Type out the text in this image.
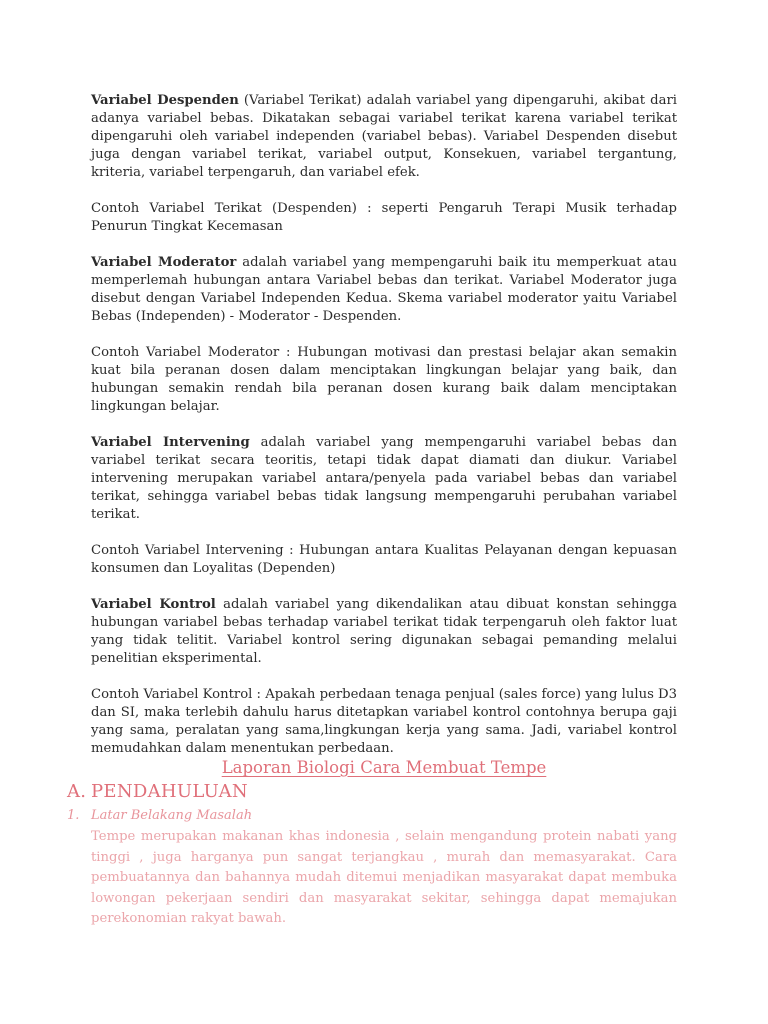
Variabel Despenden (Variabel Terikat) adalah variabel yang dipengaruhi, akibat dari adanya variabel bebas. Dikatakan sebagai variabel terikat karena variabel terikat dipengaruhi oleh variabel independen (variabel bebas). Variabel Despenden disebut juga dengan variabel terikat, variabel output, Konsekuen, variabel tergantung, kriteria, variabel terpengaruh, dan variabel efek.

Contoh Variabel Terikat (Despenden) : seperti Pengaruh Terapi Musik terhadap Penurun Tingkat Kecemasan

Variabel Moderator adalah variabel yang mempengaruhi baik itu memperkuat atau memperlemah hubungan antara Variabel bebas dan terikat. Variabel Moderator juga disebut dengan Variabel Independen Kedua. Skema variabel moderator yaitu Variabel Bebas (Independen) - Moderator - Despenden.

Contoh Variabel Moderator : Hubungan motivasi dan prestasi belajar akan semakin kuat bila peranan dosen dalam menciptakan lingkungan belajar yang baik, dan hubungan semakin rendah bila peranan dosen kurang baik dalam menciptakan lingkungan belajar.

Variabel Intervening adalah variabel yang mempengaruhi variabel bebas dan variabel terikat secara teoritis, tetapi tidak dapat diamati dan diukur. Variabel intervening merupakan variabel antara/penyela pada variabel bebas dan variabel terikat, sehingga variabel bebas tidak langsung mempengaruhi perubahan variabel terikat.

Contoh Variabel Intervening : Hubungan antara Kualitas Pelayanan dengan kepuasan konsumen dan Loyalitas (Dependen)

Variabel Kontrol adalah variabel yang dikendalikan atau dibuat konstan sehingga hubungan variabel bebas terhadap variabel terikat tidak terpengaruh oleh faktor luat yang tidak telitit. Variabel kontrol sering digunakan sebagai pemanding melalui penelitian eksperimental.

Contoh Variabel Kontrol : Apakah perbedaan tenaga penjual (sales force) yang lulus D3 dan SI, maka terlebih dahulu harus ditetapkan variabel kontrol contohnya berupa gaji yang sama, peralatan yang sama,lingkungan kerja yang sama. Jadi, variabel kontrol memudahkan dalam menentukan perbedaan.

Laporan Biologi Cara Membuat Tempe
A. PENDAHULUAN
1. Latar Belakang Masalah

Tempe merupakan makanan khas indonesia , selain mengandung protein nabati yang tinggi , juga harganya pun sangat terjangkau , murah dan memasyarakat. Cara pembuatannya dan bahannya mudah ditemui menjadikan masyarakat dapat membuka lowongan pekerjaan sendiri dan masyarakat sekitar, sehingga dapat memajukan perekonomian rakyat bawah.
